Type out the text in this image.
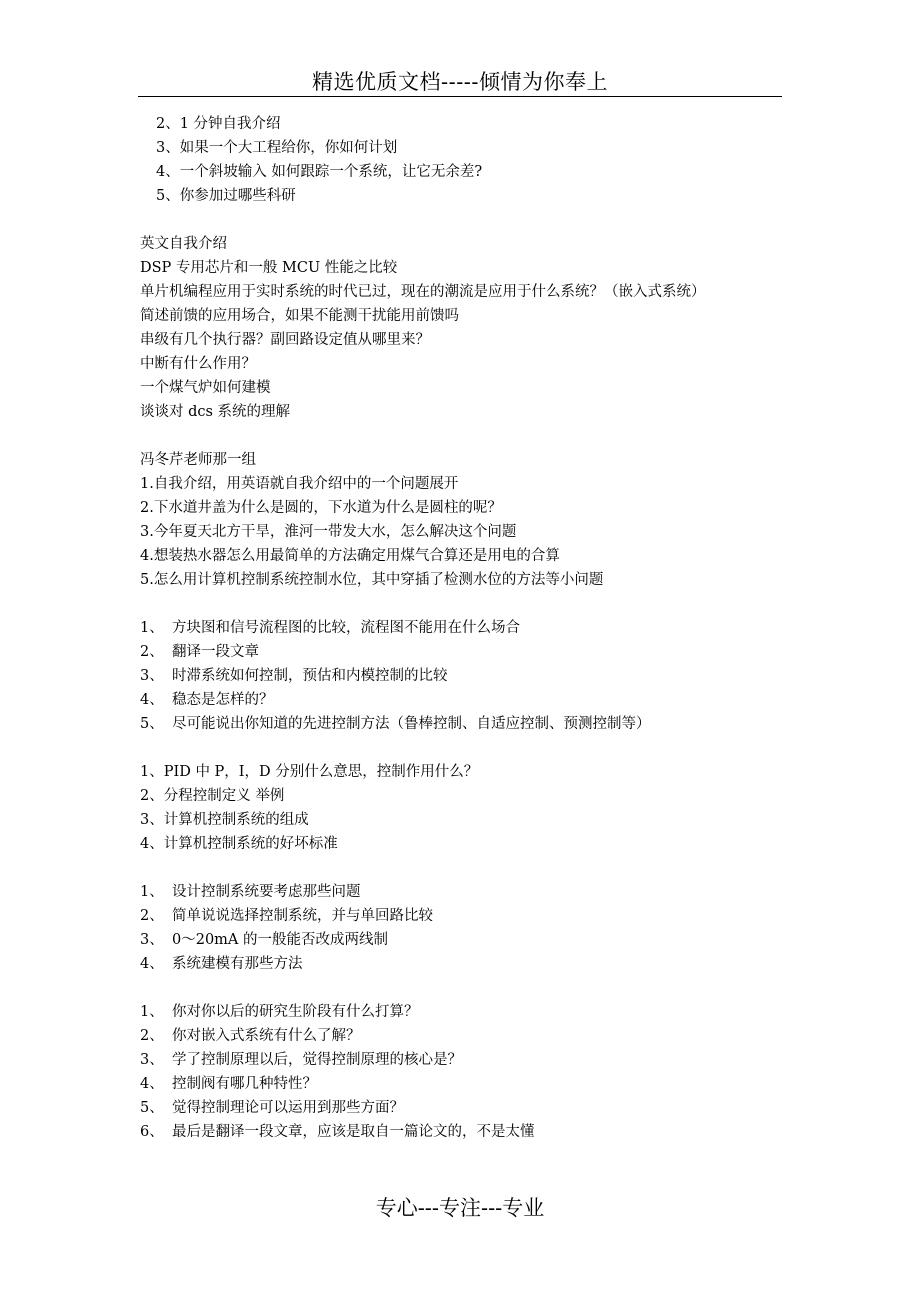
精选优质文档-----倾情为你奉上
2、1 分钟自我介绍
3、如果一个大工程给你，你如何计划
4、一个斜坡输入 如何跟踪一个系统，让它无余差?
5、你参加过哪些科研
英文自我介绍
DSP 专用芯片和一般 MCU 性能之比较
单片机编程应用于实时系统的时代已过，现在的潮流是应用于什么系统？（嵌入式系统）
简述前馈的应用场合，如果不能测干扰能用前馈吗
串级有几个执行器？副回路设定值从哪里来？
中断有什么作用？
一个煤气炉如何建模
谈谈对 dcs 系统的理解
冯冬芹老师那一组
1.自我介绍，用英语就自我介绍中的一个问题展开
2.下水道井盖为什么是圆的，下水道为什么是圆柱的呢？
3.今年夏天北方干旱，淮河一带发大水，怎么解决这个问题
4.想装热水器怎么用最简单的方法确定用煤气合算还是用电的合算
5.怎么用计算机控制系统控制水位，其中穿插了检测水位的方法等小问题
1、 方块图和信号流程图的比较，流程图不能用在什么场合
2、 翻译一段文章
3、 时滞系统如何控制，预估和内模控制的比较
4、 稳态是怎样的？
5、 尽可能说出你知道的先进控制方法（鲁棒控制、自适应控制、预测控制等）
1、PID 中 P，I，D 分别什么意思，控制作用什么？
2、分程控制定义 举例
3、计算机控制系统的组成
4、计算机控制系统的好坏标准
1、 设计控制系统要考虑那些问题
2、 简单说说选择控制系统，并与单回路比较
3、 0～20mA 的一般能否改成两线制
4、 系统建模有那些方法
1、 你对你以后的研究生阶段有什么打算？
2、 你对嵌入式系统有什么了解？
3、 学了控制原理以后，觉得控制原理的核心是？
4、 控制阀有哪几种特性？
5、 觉得控制理论可以运用到那些方面？
6、 最后是翻译一段文章，应该是取自一篇论文的，不是太懂
专心---专注---专业
